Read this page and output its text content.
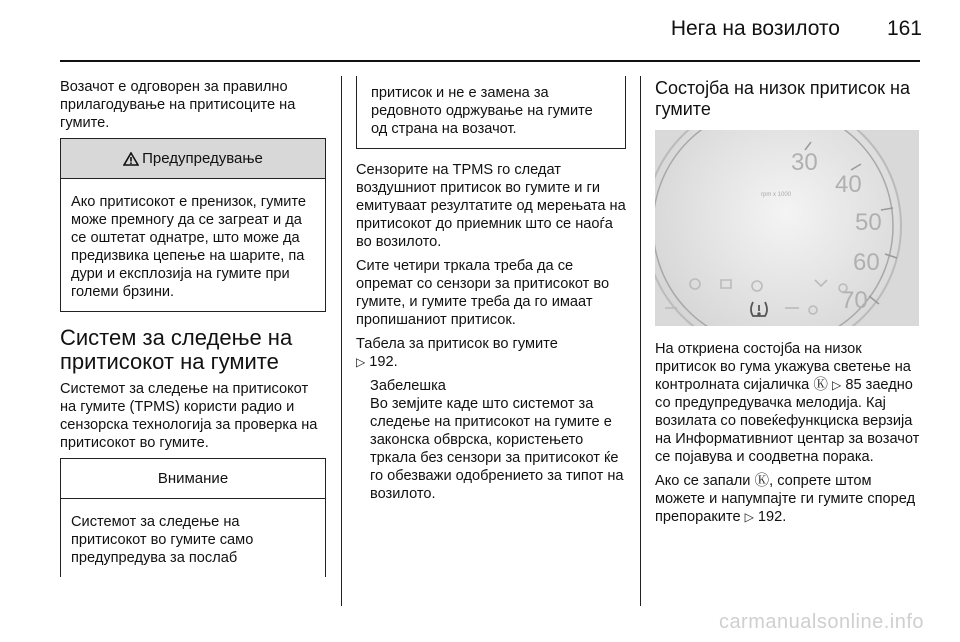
Нега на возилото 161

Возачот е одговорен за правилно прилагодување на притисоците на гумите.

Предупредување
Ако притисокот е пренизок, гумите може премногу да се загреат и да се оштетат однатре, што може да предизвика цепење на шарите, па дури и експлозија на гумите при големи брзини.
Систем за следење на притисокот на гумите

Системот за следење на притисокот на гумите (TPMS) користи радио и сензорска технологија за проверка на притисокот во гумите.

Внимание
Системот за следење на притисокот во гумите само предупредува за послаб
притисок и не е замена за редовното одржување на гумите од страна на возачот.

Сензорите на TPMS го следат воздушниот притисок во гумите и ги емитуваат резултатите од мерењата на притисокот до приемник што се наоѓа во возилото.

Сите четири тркала треба да се опремат со сензори за притисокот во гумите, и гумите треба да го имаат пропишаниот притисок.

Табела за притисок во гумите
▷ 192.

Забелешка
Во земјите каде што системот за следење на притисокот на гумите е законска обврска, користењето тркала без сензори за притисокот ќе го обезважи одобрението за типот на возилото.
Состојба на низок притисок на гумите
30
40
50
60
70
rpm x 1000

На откриена состојба на низок притисок во гума укажува светење на контролната сијаличка Ⓚ ▷ 85 заедно со предупредувачка мелодија. Кај возилата со повеќефункциска верзија на Информативниот центар за возачот се појавува и соодветна порака.

Ако се запали Ⓚ, сопрете штом можете и напумпајте ги гумите според препораките ▷ 192.

carmanualsonline.info
